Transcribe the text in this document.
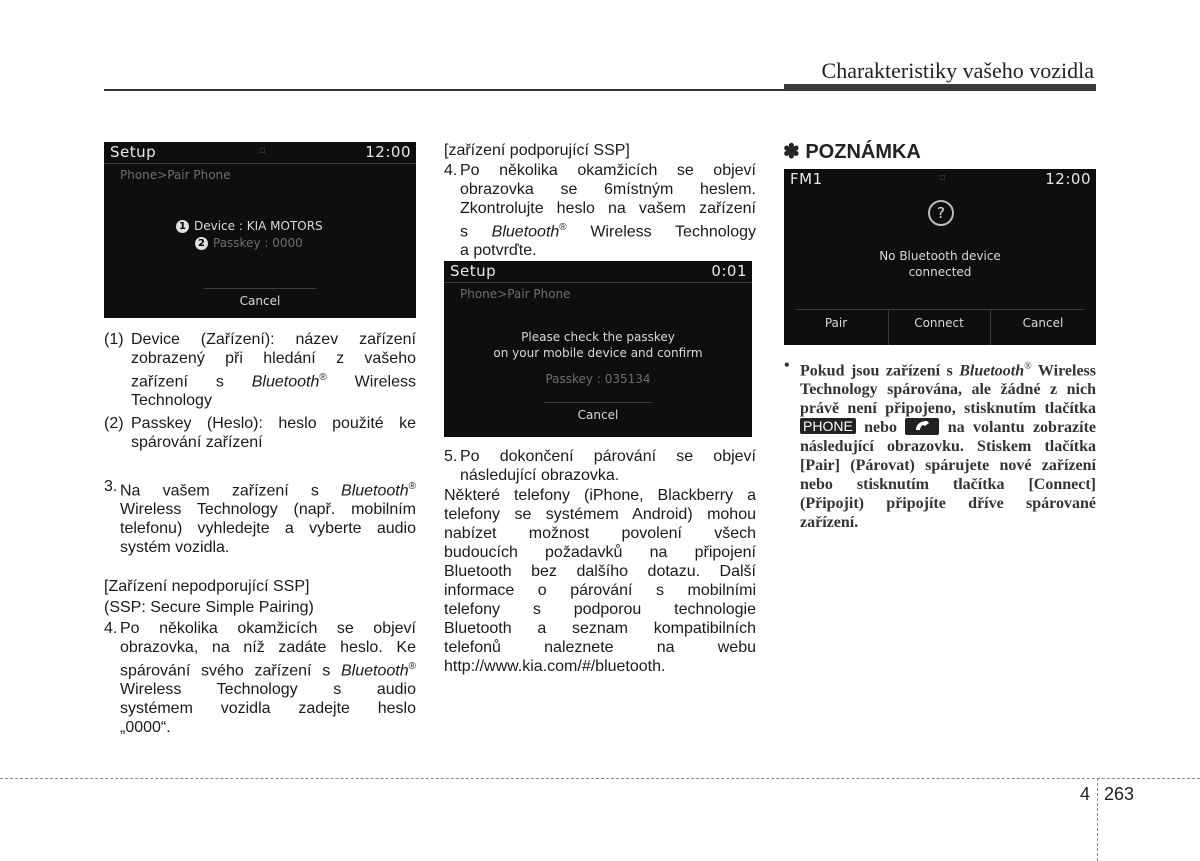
Charakteristiky vašeho vozidla
Setup	▫	12:00
Phone>Pair Phone
1 Device : KIA MOTORS
2 Passkey : 0000
Cancel
(1) Device (Zařízení): název zařízení
zobrazený při hledání z vašeho
zařízení s Bluetooth® Wireless
Technology
(2) Passkey (Heslo): heslo použité ke
spárování zařízení
3. Na vašem zařízení s Bluetooth®
Wireless Technology (např. mobilním
telefonu) vyhledejte a vyberte audio
systém vozidla.
[Zařízení nepodporující SSP]
(SSP: Secure Simple Pairing)
4. Po několika okamžicích se objeví
obrazovka, na níž zadáte heslo. Ke
spárování svého zařízení s Bluetooth®
Wireless Technology s audio
systémem vozidla zadejte heslo
„0000“.
[zařízení podporující SSP]
4. Po několika okamžicích se objeví
obrazovka se 6místným heslem.
Zkontrolujte heslo na vašem zařízení
s Bluetooth® Wireless Technology
a potvrďte.
Setup	0:01
Phone>Pair Phone
Please check the passkey
on your mobile device and confirm
Passkey : 035134
Cancel
5. Po dokončení párování se objeví
následující obrazovka.
Některé telefony (iPhone, Blackberry a
telefony se systémem Android) mohou
nabízet možnost povolení všech
budoucích požadavků na připojení
Bluetooth bez dalšího dotazu. Další
informace o párování s mobilními
telefony s podporou technologie
Bluetooth a seznam kompatibilních
telefonů naleznete na webu
http://www.kia.com/#/bluetooth.
✽ POZNÁMKA
FM1	▫	12:00
?
No Bluetooth device
connected
Pair	Connect	Cancel
• Pokud jsou zařízení s Bluetooth® Wireless Technology spárována, ale žádné z nich právě není připojeno, stisknutím tlačítka PHONE nebo	na volantu zobrazíte následující obrazovku. Stiskem tlačítka [Pair] (Párovat) spárujete nové zařízení nebo stisknutím tlačítka [Connect] (Připojit) připojíte dříve spárované zařízení.
4 263
